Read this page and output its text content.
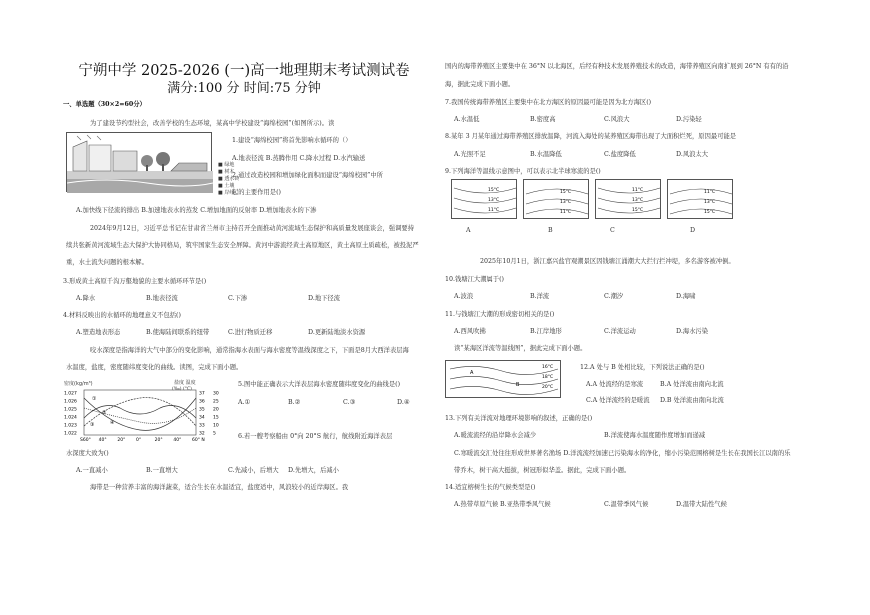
宁朔中学 2025-2026 (一)高一地理期末考试测试卷
满分:100 分 时间:75 分钟
一、单选题（30×2=60分）
为了建设节约型社会，改善学校的生态环境，某高中学校建设“海绵校园”(如图所示)。读
■ 绿地
■ 树木
■ 透水砖
■ 土壤
■ 岸线
1.建设“海绵校园”将首先影响水循环的（）
A.地表径流 B.蒸腾作用 C.降水过程 D.水汽输送
2.通过改造校园和增加绿化面积而建设“海绵校园”中所
起的主要作用是()
A.加快线下径流的排出 B.加速地表水的蒸发 C.增加地面的反射率 D.增加地表水的下渗
2024年9月12日，习近平总书记在甘肃省兰州市主持召开全面推动黄河流域生态保护和高质量发展座谈会，强调要持
续共张新黄河流域生态大保护大协同格局，筑牢国家生态安全屏障。黄河中游流经黄土高原地区，黄土高原土质疏松，被投泥严
重，水土流失问题的根本解。
3.形成黄土高原千沟万壑地貌的主要水循环环节是()
A.降水	B.地表径流	C.下渗	D.地下径流
4.材料反映出的水循环的地理意义不包括()
A.塑造地表形态	B.使海陆间联系的纽带	C.进行物质迁移	D.更新陆地淡水资源
咬水深度是指海洋的大气中部分的变化影响，通常指海水表面与海水密度等温线深度之下，下面是8月大西洋表层海
水温度，盐度，密度随纬度变化的曲线。读图，完成下面小题。
密度(kg/m³)	盐度 温度
(‰) (°C)
1.027
1.026
1.025
1.024
1.023
1.022
37 30
36 25
35 20
34 15
33 10
32 5
S60° 40° 20° 0°	20° 40° 60° N
①
②
③	④
5.图中能正确表示大洋表层海水密度随纬度变化的曲线是()
A.①	B.②	C.③	D.④
6.若一艘考察船由 0°向 20°S 航行，航线附近海洋表层
水深度大致为()
A.一直减小	B.一直增大	C.先减小，后增大 D.先增大，后减小
海带是一种营养丰富的海洋蔬菜，适合生长在水温适宜，盐度适中，风浪较小的近岸海区。我
国内的海带养殖区主要集中在 36°N 以北海区，后经有种技术发展养殖技术的改造，海带养殖区向南扩展到 26°N 有有的沿
海，据此完成下面小题。
7.我国传统海带养殖区主要集中在北方海区的原因最可能是因为北方海区()
A.水温低	B.密度高	C.风浪大	D.污染轻
8.某年 3 月某年通过海带养殖区排放温降，河流入海处的某养殖区海带出现了大面积烂死，原因最可能是
A.光照不足	B.水温降低	C.盐度降低	D.风浪太大
9.下列海洋等温线示意图中，可以表示北半球寒流的是()
15°C
13°C
11°C
15°C
13°C
11°C
11°C
13°C
15°C
11°C
13°C
15°C
A	B	C	D
2025年10月1日，浙江嘉兴盐官观潮景区因钱塘江涌潮大大拦行拦冲堤，多名游客被冲倒。
10.钱塘江大潮属于()
A.波浪	B.洋流	C.潮汐	D.海啸
11.与钱塘江大潮的形成密切相关的是()
A.西风吹拂	B.江岸地形	C.洋流运动	D.海水污染
读“某海区洋流等温线图”，据此完成下面小题。
A
B
16°C
18°C
20°C
12.A 处与 B 处相比较，下列说法正确的是()
A.A 处流经的是寒流	B.A 处洋流由南向北流
C.A 处洋流经的是暖流 D.B 处洋流由南向北流
13.下列有关洋流对地理环境影响的叙述，正确的是()
A.暖流流经的沿岸降水会减少	B.洋流使海水温度随作度增加而递减
C.寒暖流交汇处往往形成世界著名渔场 D.洋流流经加速已污染海水的净化，缩小污染范围榕树是生长在我国长江以南的乐
带乔木，树干高大挺拔，树冠形似华盖。据此，完成下面小题。
14.适宜榕树生长的气候类型是()
A.热带草原气候 B.亚热带季风气候	C.温带季风气候	D.温带大陆性气候
